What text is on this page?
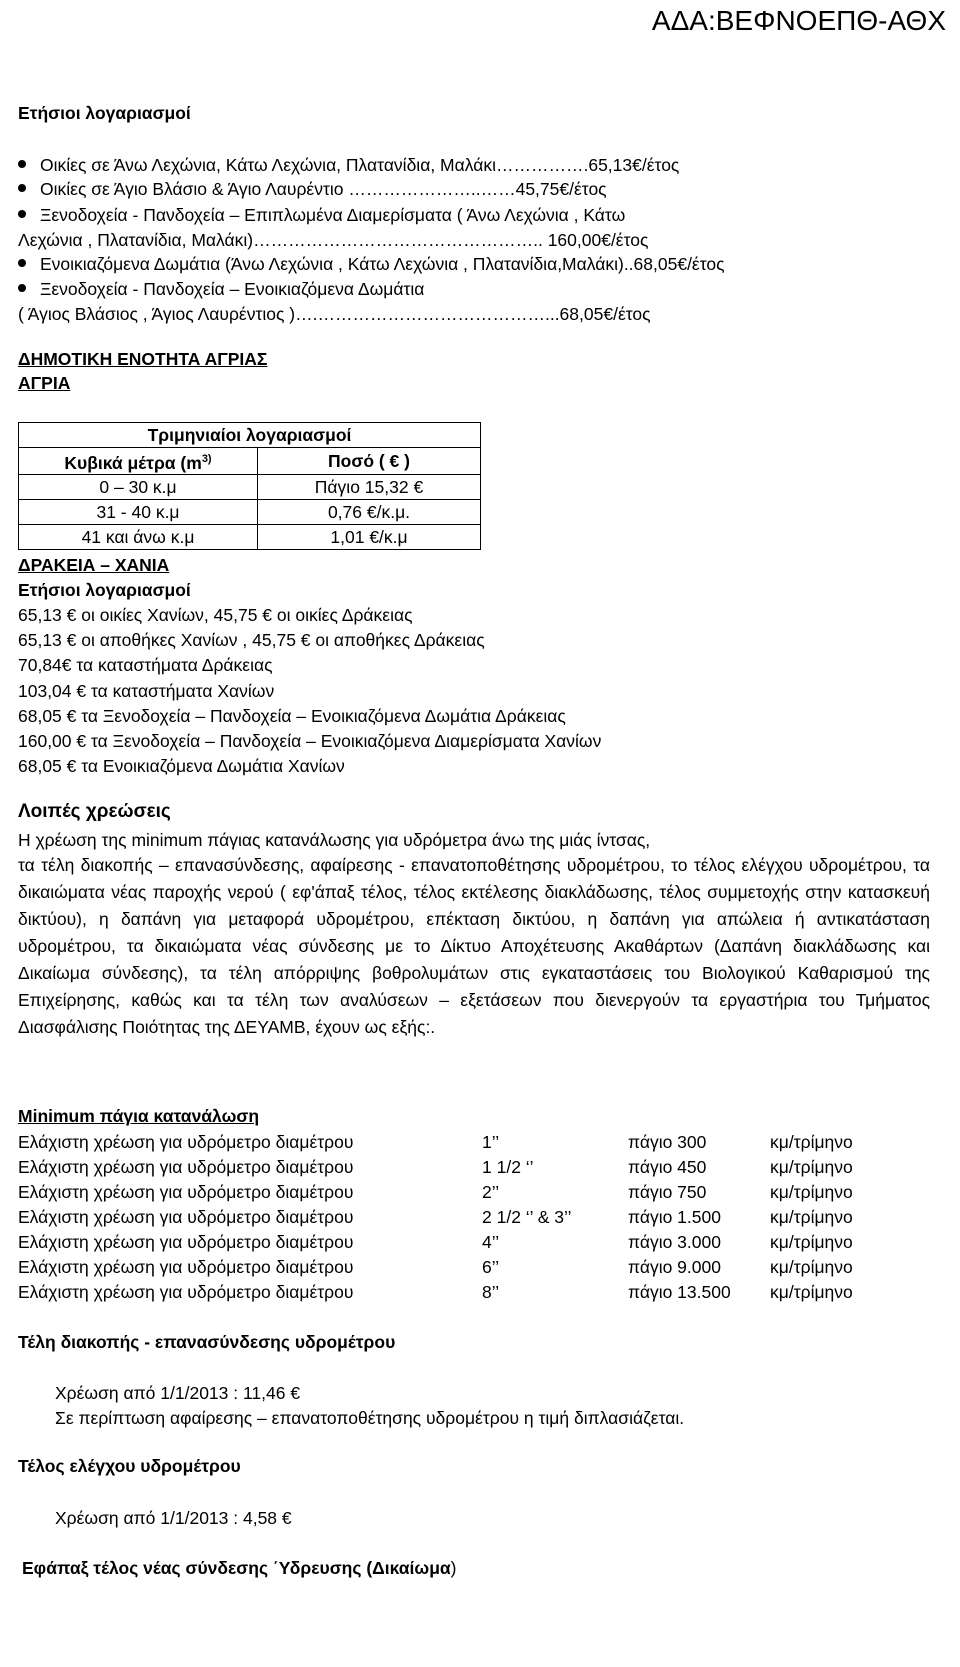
ΑΔΑ:ΒΕΦΝΟΕΠΘ-ΑΘΧ
Ετήσιοι λογαριασμοί
Οικίες σε Άνω Λεχώνια, Κάτω Λεχώνια, Πλατανίδια, Μαλάκι…………….65,13€/έτος
Οικίες σε Άγιο Βλάσιο & Άγιο Λαυρέντιο …………………..……45,75€/έτος
Ξενοδοχεία - Πανδοχεία – Επιπλωμένα Διαμερίσματα ( Άνω Λεχώνια , Κάτω
Λεχώνια , Πλατανίδια, Μαλάκι)………………………………………….. 160,00€/έτος
Ενοικιαζόμενα Δωμάτια (Άνω Λεχώνια , Κάτω Λεχώνια , Πλατανίδια,Μαλάκι)..68,05€/έτος
Ξενοδοχεία - Πανδοχεία – Ενοικιαζόμενα Δωμάτια
( Άγιος Βλάσιος , Άγιος Λαυρέντιος )….…………………………………...68,05€/έτος
ΔΗΜΟΤΙΚΗ ΕΝΟΤΗΤΑ ΑΓΡΙΑΣ
ΑΓΡΙΑ
Τριμηνιαίοι λογαριασμοί	
Κυβικά μέτρα ($m^{3)}$	Ποσό ( € )
0 – 30 κ.μ	Πάγιο 15,32 €
31 - 40 κ.μ	0,76 €/κ.μ.
41 και άνω κ.μ	1,01 €/κ.μ
ΔΡΑΚΕΙΑ – ΧΑΝΙΑ
Ετήσιοι λογαριασμοί
65,13 € οι οικίες Χανίων, 45,75 € οι οικίες Δράκειας
65,13 € οι αποθήκες Χανίων , 45,75 € οι αποθήκες Δράκειας
70,84€ τα καταστήματα Δράκειας
103,04 € τα καταστήματα Χανίων
68,05 € τα Ξενοδοχεία – Πανδοχεία – Ενοικιαζόμενα Δωμάτια Δράκειας
160,00 € τα Ξενοδοχεία – Πανδοχεία – Ενοικιαζόμενα Διαμερίσματα Χανίων
68,05 € τα Ενοικιαζόμενα Δωμάτια Χανίων
Λοιπές χρεώσεις
Η χρέωση της minimum πάγιας κατανάλωσης για υδρόμετρα άνω της μιάς ίντσας,
τα τέλη διακοπής – επανασύνδεσης, αφαίρεσης - επανατοποθέτησης υδρομέτρου, το τέλος ελέγχου υδρομέτρου, τα δικαιώματα νέας παροχής νερού ( εφ'άπαξ τέλος, τέλος εκτέλεσης διακλάδωσης, τέλος συμμετοχής στην κατασκευή δικτύου), η δαπάνη για μεταφορά υδρομέτρου, επέκταση δικτύου, η δαπάνη για απώλεια ή αντικατάσταση υδρομέτρου, τα δικαιώματα νέας σύνδεσης με το Δίκτυο Αποχέτευσης Ακαθάρτων (Δαπάνη διακλάδωσης και Δικαίωμα σύνδεσης), τα τέλη απόρριψης βοθρολυμάτων στις εγκαταστάσεις του Βιολογικού Καθαρισμού της Επιχείρησης, καθώς και τα τέλη των αναλύσεων – εξετάσεων που διενεργούν τα εργαστήρια του Τμήματος Διασφάλισης Ποιότητας της ΔΕΥΑΜΒ, έχουν ως εξής:.
Minimum πάγια κατανάλωση
Ελάχιστη χρέωση για υδρόμετρο διαμέτρου	1’’	πάγιο 300	κμ/τρίμηνο
Ελάχιστη χρέωση για υδρόμετρο διαμέτρου	1 1/2 ‘’	πάγιο 450	κμ/τρίμηνο
Ελάχιστη χρέωση για υδρόμετρο διαμέτρου	2’’	πάγιο 750	κμ/τρίμηνο
Ελάχιστη χρέωση για υδρόμετρο διαμέτρου	2 1/2 ‘’ & 3’’	πάγιο 1.500	κμ/τρίμηνο
Ελάχιστη χρέωση για υδρόμετρο διαμέτρου	4’’	πάγιο 3.000	κμ/τρίμηνο
Ελάχιστη χρέωση για υδρόμετρο διαμέτρου	6’’	πάγιο 9.000	κμ/τρίμηνο
Ελάχιστη χρέωση για υδρόμετρο διαμέτρου	8’’	πάγιο 13.500 κμ/τρίμηνο
Τέλη διακοπής - επανασύνδεσης υδρομέτρου
Χρέωση από 1/1/2013 : 11,46 €
Σε περίπτωση αφαίρεσης – επανατοποθέτησης υδρομέτρου η τιμή διπλασιάζεται.
Τέλος ελέγχου υδρομέτρου
Χρέωση από 1/1/2013 : 4,58 €
Εφάπαξ τέλος νέας σύνδεσης ΄Υδρευσης (Δικαίωμα)
